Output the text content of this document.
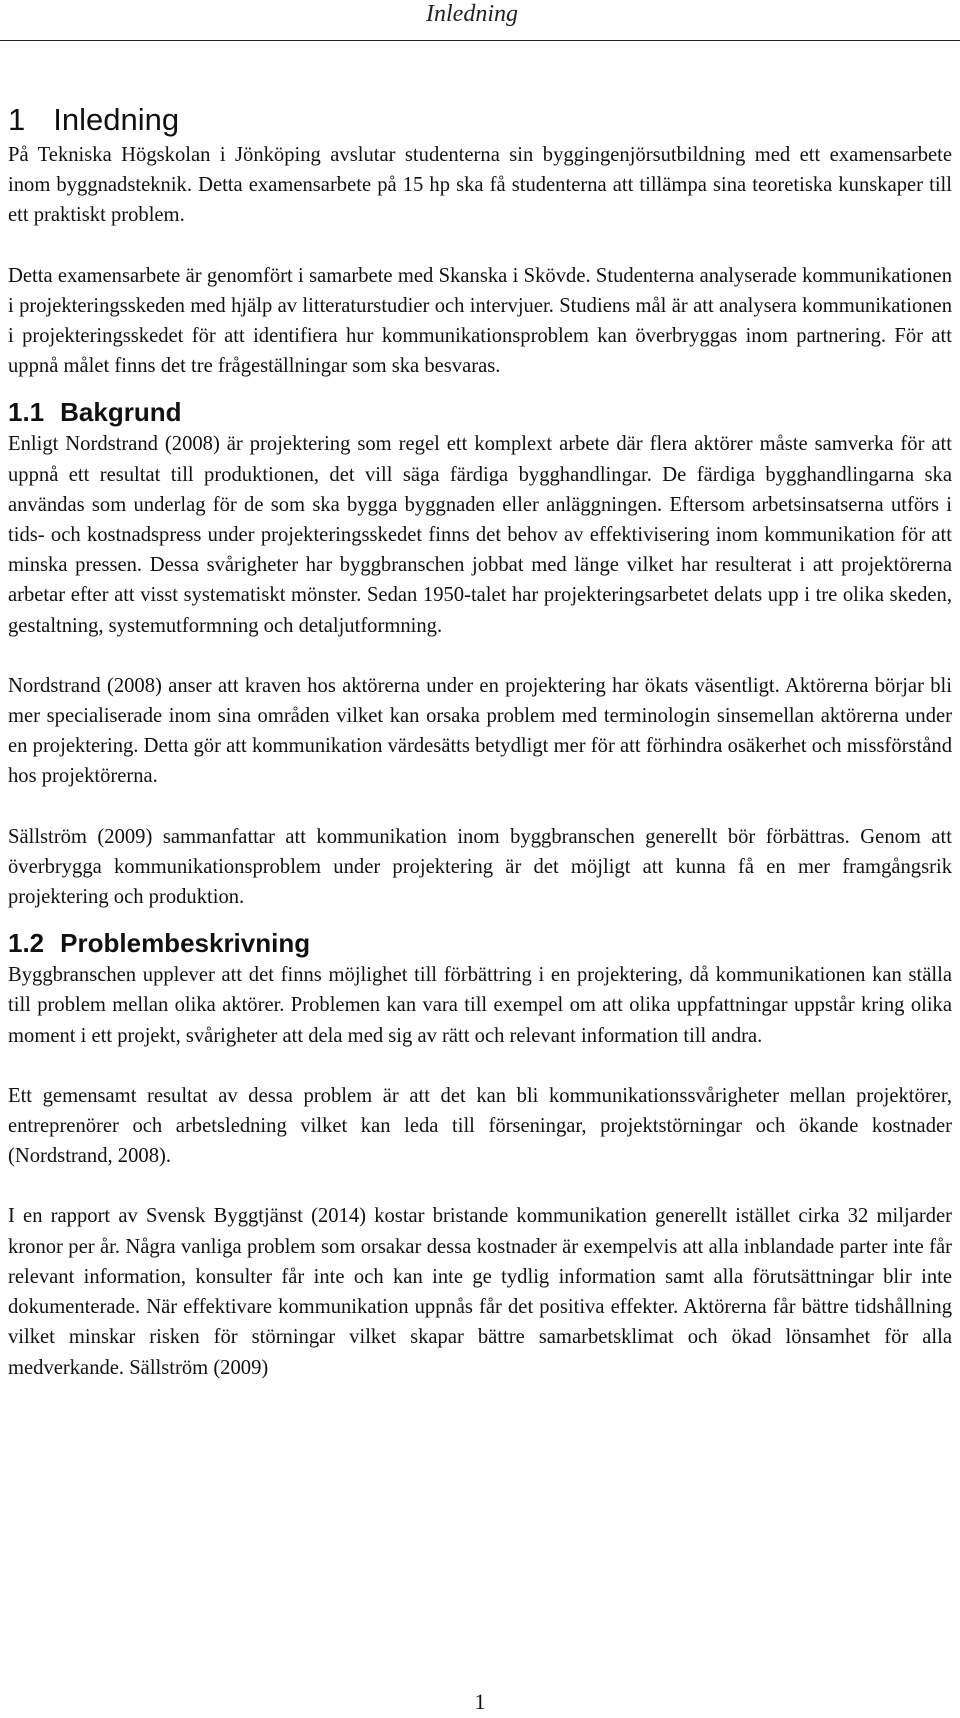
Inledning
1 Inledning

På Tekniska Högskolan i Jönköping avslutar studenterna sin byggingenjörsutbildning med ett examensarbete inom byggnadsteknik. Detta examensarbete på 15 hp ska få studenterna att tillämpa sina teoretiska kunskaper till ett praktiskt problem.

Detta examensarbete är genomfört i samarbete med Skanska i Skövde. Studenterna analyserade kommunikationen i projekteringsskeden med hjälp av litteraturstudier och intervjuer. Studiens mål är att analysera kommunikationen i projekteringsskedet för att identifiera hur kommunikationsproblem kan överbryggas inom partnering. För att uppnå målet finns det tre frågeställningar som ska besvaras.

1.1 Bakgrund

Enligt Nordstrand (2008) är projektering som regel ett komplext arbete där flera aktörer måste samverka för att uppnå ett resultat till produktionen, det vill säga färdiga bygghandlingar. De färdiga bygghandlingarna ska användas som underlag för de som ska bygga byggnaden eller anläggningen. Eftersom arbetsinsatserna utförs i tids- och kostnadspress under projekteringsskedet finns det behov av effektivisering inom kommunikation för att minska pressen. Dessa svårigheter har byggbranschen jobbat med länge vilket har resulterat i att projektörerna arbetar efter att visst systematiskt mönster. Sedan 1950-talet har projekteringsarbetet delats upp i tre olika skeden, gestaltning, systemutformning och detaljutformning.

Nordstrand (2008) anser att kraven hos aktörerna under en projektering har ökats väsentligt. Aktörerna börjar bli mer specialiserade inom sina områden vilket kan orsaka problem med terminologin sinsemellan aktörerna under en projektering. Detta gör att kommunikation värdesätts betydligt mer för att förhindra osäkerhet och missförstånd hos projektörerna.

Sällström (2009) sammanfattar att kommunikation inom byggbranschen generellt bör förbättras. Genom att överbrygga kommunikationsproblem under projektering är det möjligt att kunna få en mer framgångsrik projektering och produktion.

1.2 Problembeskrivning

Byggbranschen upplever att det finns möjlighet till förbättring i en projektering, då kommunikationen kan ställa till problem mellan olika aktörer. Problemen kan vara till exempel om att olika uppfattningar uppstår kring olika moment i ett projekt, svårigheter att dela med sig av rätt och relevant information till andra.

Ett gemensamt resultat av dessa problem är att det kan bli kommunikationssvårigheter mellan projektörer, entreprenörer och arbetsledning vilket kan leda till förseningar, projektstörningar och ökande kostnader (Nordstrand, 2008).

I en rapport av Svensk Byggtjänst (2014) kostar bristande kommunikation generellt istället cirka 32 miljarder kronor per år. Några vanliga problem som orsakar dessa kostnader är exempelvis att alla inblandade parter inte får relevant information, konsulter får inte och kan inte ge tydlig information samt alla förutsättningar blir inte dokumenterade. När effektivare kommunikation uppnås får det positiva effekter. Aktörerna får bättre tidshållning vilket minskar risken för störningar vilket skapar bättre samarbetsklimat och ökad lönsamhet för alla medverkande. Sällström (2009)

1
